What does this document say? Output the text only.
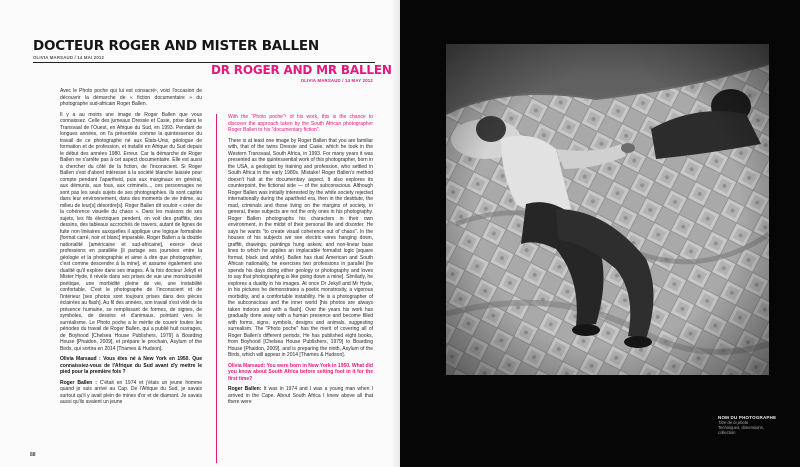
DOCTEUR ROGER AND MISTER BALLEN
OLIVIA MARSAUD / 14 MAI 2012
DR ROGER AND MR BALLEN
OLIVIA MARSAUD / 14 MAY 2012

Avec le Photo poche qui lui est consacré¹, voici l'occasion de découvrir la démarche de « fiction documentaire » du photographe sud-africain Roger Ballen.

Il y a au moins une image de Roger Ballen que vous connaissez. Celle des jumeaux Dressie et Casie, prise dans le Transvaal de l'Ouest, en Afrique du Sud, en 1993. Pendant de longues années, on l'a présentée comme la quintessence du travail de ce photographe né aux États-Unis, géologue de formation et de profession, et installé en Afrique du Sud depuis le début des années 1980. Erreur. Car la démarche de Roger Ballen ne s'arrête pas à cet aspect documentaire. Elle est aussi à chercher du côté de la fiction, de l'inconscient. Si Roger Ballen s'est d'abord intéressé à la société blanche laissée pour compte pendant l'apartheid, puis aux marginaux en général, aux démunis, aux fous, aux criminels..., ces personnages ne sont pas les seuls sujets de ses photographies. Ils sont captés dans leur environnement, dans des moments de vie intime, au milieu de leur[s] désordre[s]. Roger Ballen dit vouloir « créer de la cohérence visuelle du chaos ». Dans les maisons de ses sujets, les fils électriques pendent, on voit des graffitis, des dessins, des tableaux accrochés de travers, autant de lignes de fuite non linéaires auxquelles il applique une logique formaliste [format carré, noir et blanc] imparable. Roger Ballen a la double nationalité [américaine et sud-africaine], exerce deux professions en parallèle [il partage ses journées entre la géologie et la photographie et aime à dire que photographier, c'est comme descendre à la mine], et assume également une dualité qu'il explore dans ses images. À la fois docteur Jekyll et Mister Hyde, il révèle dans ses prises de vue une monstruosité poétique, une morbidité pleine de vie, une instabilité confortable. C'est le photographe de l'inconscient et de l'intérieur [ses photos sont toujours prises dans des pièces éclairées au flash]. Au fil des années, son travail s'est vidé de la présence humaine, se remplissant de formes, de signes, de symboles, de dessins et d'animaux, pointant vers le surréalisme. Le Photo poche a le mérite de couvrir toutes les périodes du travail de Roger Ballen, qui a publié huit ouvrages, de Boyhood [Chelsea House Publishers, 1979] à Boarding House [Phaidon, 2009], et prépare le prochain, Asylum of the Birds, qui sortira en 2014 [Thames & Hudson].

Olivia Marsaud : Vous êtes né à New York en 1950. Que connaissiez-vous de l'Afrique du Sud avant d'y mettre le pied pour la première fois ?

Roger Ballen : C'était en 1974 et j'étais un jeune homme quand je suis arrivé au Cap. De l'Afrique du Sud, je savais surtout qu'il y avait plein de mines d'or et de diamant. Je savais aussi qu'ils avaient un jeune

With the "Photo poche"¹ of his work, this is the chance to discover the approach taken by the South African photographer Roger Ballen to his "documentary fiction".

There is at least one image by Roger Ballen that you are familiar with, that of the twins Dressie and Casie, which he took in the Western Transvaal, South Africa, in 1993. For many years it was presented as the quintessential work of this photographer, born in the USA, a geologist by training and profession, who settled in South Africa in the early 1980s. Mistake! Roger Ballen's method doesn't halt at the documentary aspect. It also explores its counterpoint, the fictional side — of the subconscious. Although Roger Ballen was initially interested by the white society rejected internationally during the apartheid era, then in the destitute, the mad, criminals and those living on the margins of society, in general, these subjects are not the only ones in his photography. Roger Ballen photographs his characters in their own environment, in the midst of their personal life and disorder. He says he wants "to create visual coherence out of chaos". In the houses of his subjects we see electric wires hanging down, graffiti, drawings, paintings hung askew, and non-linear base lines to which he applies an implacable formalist logic [square format, black and white]. Ballen has dual American and South African nationality, he exercises two professions in parallel [he spends his days doing either geology or photography and loves to say that photographing is like going down a mine]. Similarly, he explores a duality in his images. At once Dr Jekyll and Mr Hyde, in his pictures he demonstrates a poetic monstrosity, a vigorous morbidity, and a comfortable instability. He is a photographer of the subconscious and the inner world [his photos are always taken indoors and with a flash]. Over the years his work has gradually done away with a human presence and become filled with forms, signs, symbols, designs and animals, suggesting surrealism. The "Photo poche" has the merit of covering all of Roger Ballen's different periods. He has published eight books, from Boyhood [Chelsea House Publishers, 1979] to Boarding House [Phaidon, 2009], and is preparing the ninth, Asylum of the Birds, which will appear in 2014 [Thames & Hudson].

Olivia Marsaud: You were born in New York in 1950. What did you know about South Africa before setting foot in it for the first time?

Roger Ballen: It was in 1974 and I was a young man when I arrived in the Cape. About South Africa I knew above all that there were

88
NOM DU PHOTOGRAPHE
Titre de la photo
Techniques, dimensions, collection
